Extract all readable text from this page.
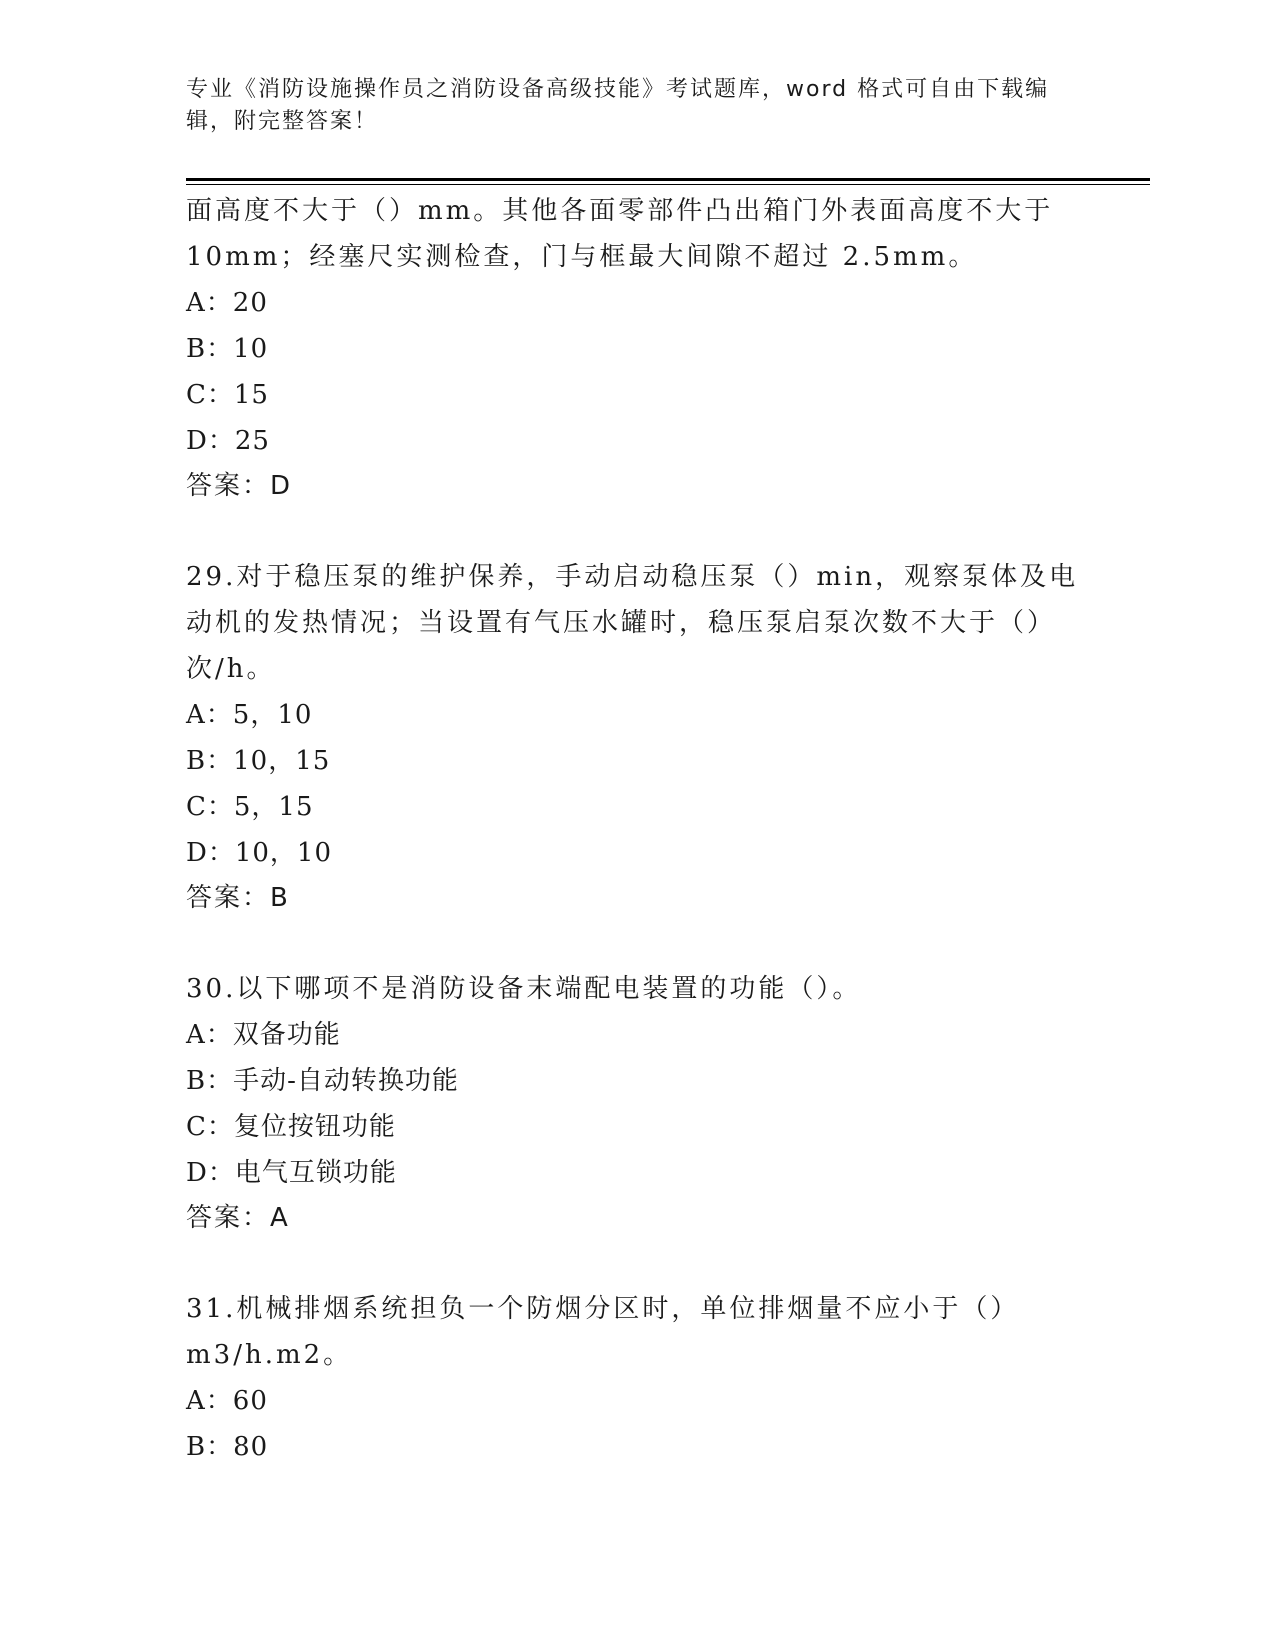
专业《消防设施操作员之消防设备高级技能》考试题库，word 格式可自由下载编
辑，附完整答案！
面高度不大于（）mm。其他各面零部件凸出箱门外表面高度不大于
10mm；经塞尺实测检查，门与框最大间隙不超过 2.5mm。
A：20
B：10
C：15
D：25
答案：D
29.对于稳压泵的维护保养，手动启动稳压泵（）min，观察泵体及电
动机的发热情况；当设置有气压水罐时，稳压泵启泵次数不大于（）
次/h。
A：5，10
B：10，15
C：5，15
D：10，10
答案：B
30.以下哪项不是消防设备末端配电装置的功能（）。
A：双备功能
B：手动-自动转换功能
C：复位按钮功能
D：电气互锁功能
答案：A
31.机械排烟系统担负一个防烟分区时，单位排烟量不应小于（）
m3/h.m2。
A：60
B：80
